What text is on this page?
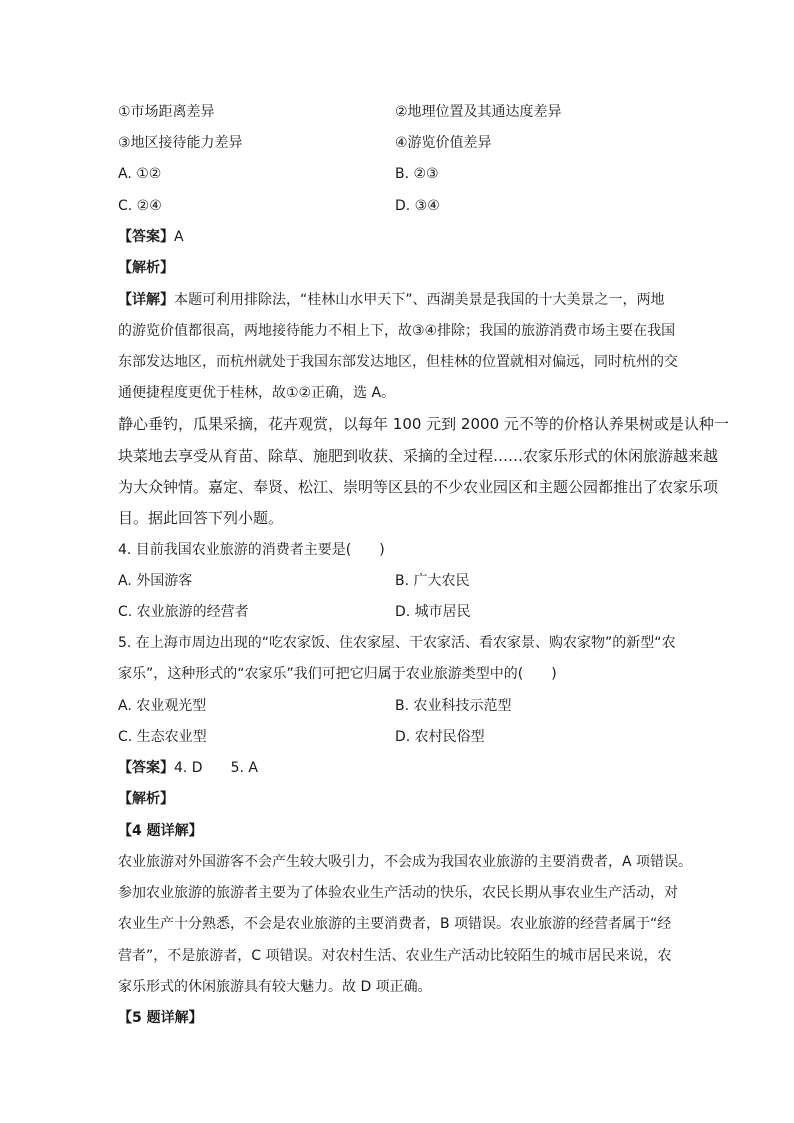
①市场距离差异	②地理位置及其通达度差异
③地区接待能力差异	④游览价值差异
A. ①②	B. ②③
C. ②④	D. ③④
【答案】A
【解析】
【详解】本题可利用排除法，“桂林山水甲天下”、西湖美景是我国的十大美景之一，两地
的游览价值都很高，两地接待能力不相上下，故③④排除；我国的旅游消费市场主要在我国
东部发达地区，而杭州就处于我国东部发达地区，但桂林的位置就相对偏远，同时杭州的交
通便捷程度更优于桂林，故①②正确，选 A。
静心垂钓，瓜果采摘，花卉观赏，以每年 100 元到 2000 元不等的价格认养果树或是认种一
块菜地去享受从育苗、除草、施肥到收获、采摘的全过程……农家乐形式的休闲旅游越来越
为大众钟情。嘉定、奉贤、松江、崇明等区县的不少农业园区和主题公园都推出了农家乐项
目。据此回答下列小题。
4. 目前我国农业旅游的消费者主要是(　　)
A. 外国游客	B. 广大农民
C. 农业旅游的经营者	D. 城市居民
5. 在上海市周边出现的“吃农家饭、住农家屋、干农家活、看农家景、购农家物”的新型“农
家乐”，这种形式的“农家乐”我们可把它归属于农业旅游类型中的(　　)
A. 农业观光型	B. 农业科技示范型
C. 生态农业型	D. 农村民俗型
【答案】4. D　　5. A
【解析】
【4 题详解】
农业旅游对外国游客不会产生较大吸引力，不会成为我国农业旅游的主要消费者，A 项错误。
参加农业旅游的旅游者主要为了体验农业生产活动的快乐，农民长期从事农业生产活动，对
农业生产十分熟悉，不会是农业旅游的主要消费者，B 项错误。农业旅游的经营者属于“经
营者”，不是旅游者，C 项错误。对农村生活、农业生产活动比较陌生的城市居民来说，农
家乐形式的休闲旅游具有较大魅力。故 D 项正确。
【5 题详解】
